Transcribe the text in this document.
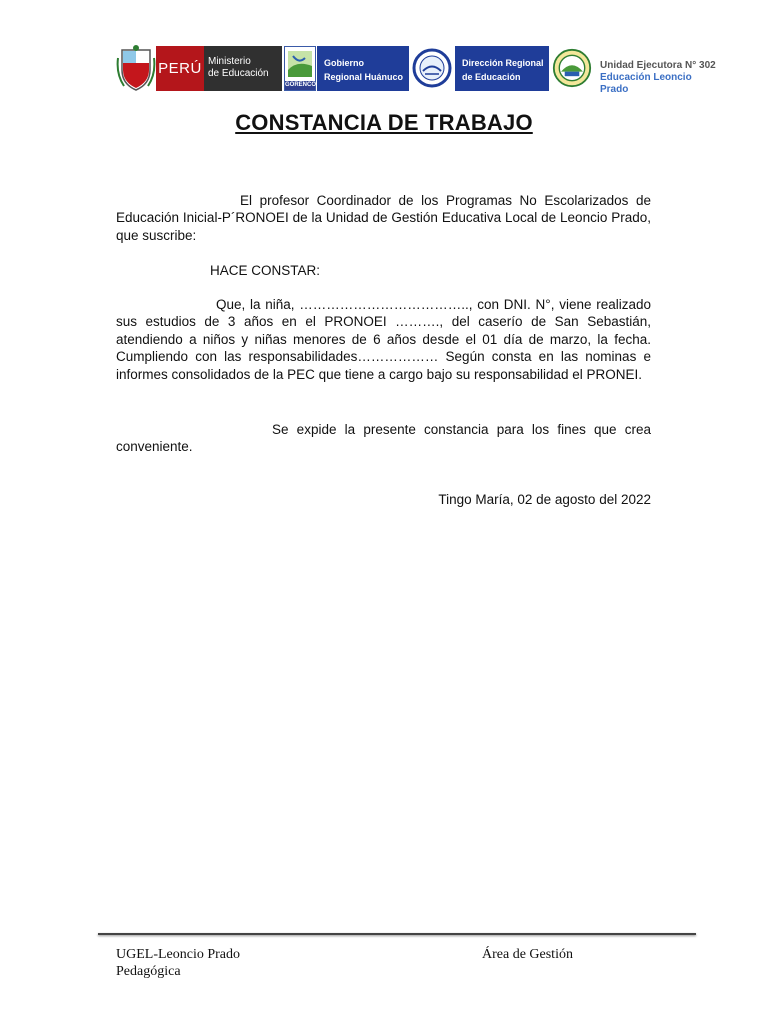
PERÚ Ministerio
de Educación
GORENCO
Gobierno
Regional Huánuco
Dirección Regional
de Educación
Unidad Ejecutora N° 302
Educación Leoncio Prado
CONSTANCIA DE TRABAJO
El profesor Coordinador de los Programas No Escolarizados de Educación Inicial-P´RONOEI de la Unidad de Gestión Educativa Local de Leoncio Prado, que suscribe:
HACE CONSTAR:
Que, la niña, ……………………………….., con DNI. N°, viene realizado sus estudios de 3 años en el PRONOEI ………., del caserío de San Sebastián, atendiendo a niños y niñas menores de 6 años desde el 01 día de marzo, la fecha. Cumpliendo con las responsabilidades……………… Según consta en las nominas e informes consolidados de la PEC que tiene a cargo bajo su responsabilidad el PRONEI.
Se expide la presente constancia para los fines que crea conveniente.
Tingo María, 02 de agosto del 2022
UGEL-Leoncio Prado	Área de Gestión
Pedagógica
